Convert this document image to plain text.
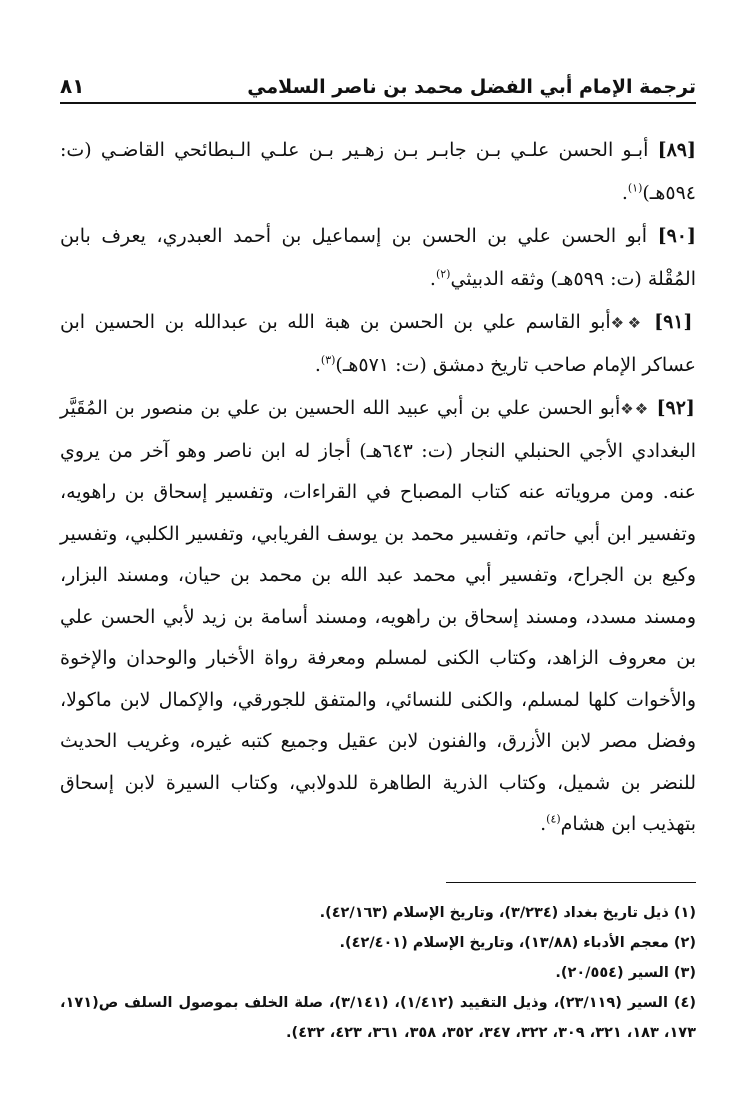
ترجمة الإمام أبي الفضل محمد بن ناصر السلامي
٨١

[٨٩] أبـو الحسن علـي بـن جابـر بـن زهـير بـن علـي الـبطائحي القاضـي (ت: ٥٩٤هـ)$^{(١)}$.

[٩٠] أبو الحسن علي بن الحسن بن إسماعيل بن أحمد العبدري، يعرف بابن المُقْلة (ت: ٥٩٩هـ) وثقه الدبيثي$^{(٢)}$.

[٩١] ❖❖أبو القاسم علي بن الحسن بن هبة الله بن عبدالله بن الحسين ابن عساكر الإمام صاحب تاريخ دمشق (ت: ٥٧١هـ)$^{(٣)}$.

[٩٢] ❖❖أبو الحسن علي بن أبي عبيد الله الحسين بن علي بن منصور بن المُقَيَّر البغدادي الأجي الحنبلي النجار (ت: ٦٤٣هـ) أجاز له ابن ناصر وهو آخر من يروي عنه. ومن مروياته عنه كتاب المصباح في القراءات، وتفسير إسحاق بن راهويه، وتفسير ابن أبي حاتم، وتفسير محمد بن يوسف الفريابي، وتفسير الكلبي، وتفسير وكيع بن الجراح، وتفسير أبي محمد عبد الله بن محمد بن حيان، ومسند البزار، ومسند مسدد، ومسند إسحاق بن راهويه، ومسند أسامة بن زيد لأبي الحسن علي بن معروف الزاهد، وكتاب الكنى لمسلم ومعرفة رواة الأخبار والوحدان والإخوة والأخوات كلها لمسلم، والكنى للنسائي، والمتفق للجورقي، والإكمال لابن ماكولا، وفضل مصر لابن الأزرق، والفنون لابن عقيل وجميع كتبه غيره، وغريب الحديث للنضر بن شميل، وكتاب الذرية الطاهرة للدولابي، وكتاب السيرة لابن إسحاق بتهذيب ابن هشام$^{(٤)}$.

(١) ذيل تاريخ بغداد (٣/٢٣٤)، وتاريخ الإسلام (٤٢/١٦٣).

(٢) معجم الأدباء (١٣/٨٨)، وتاريخ الإسلام (٤٢/٤٠١).

(٣) السير (٢٠/٥٥٤).

(٤) السير (٢٣/١١٩)، وذيل التقييد (١/٤١٢)، (٣/١٤١)، صلة الخلف بموصول السلف ص(١٧١، ١٧٣، ١٨٣، ٣٢١، ٣٠٩، ٣٢٢، ٣٤٧، ٣٥٢، ٣٥٨، ٣٦١، ٤٢٣، ٤٣٢).
